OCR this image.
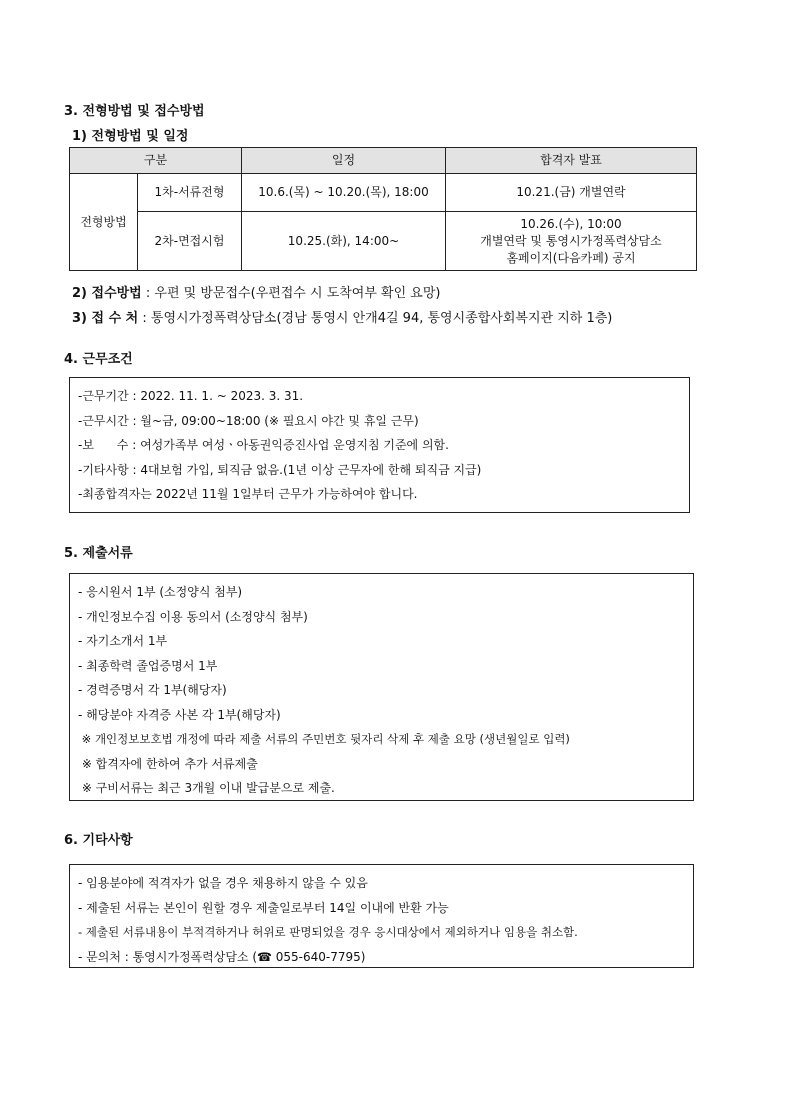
3. 전형방법 및 접수방법
1) 전형방법 및 일정
구분		일정	합격자 발표
전형방법	1차-서류전형	10.6.(목) ~ 10.20.(목), 18:00	10.21.(금) 개별연락

	2차-면접시험	10.25.(화), 14:00~	10.26.(수), 10:00
개별연락 및 통영시가정폭력상담소
홈페이지(다음카페) 공지
2) 접수방법 : 우편 및 방문접수(우편접수 시 도착여부 확인 요망)
3) 접 수 처 : 통영시가정폭력상담소(경남 통영시 안개4길 94, 통영시종합사회복지관 지하 1층)
4. 근무조건
-근무기간 : 2022. 11. 1. ~ 2023. 3. 31.
-근무시간 : 월~금, 09:00~18:00 (※ 필요시 야간 및 휴일 근무)
-보      수 : 여성가족부 여성ㆍ아동권익증진사업 운영지침 기준에 의함.
-기타사항 : 4대보험 가입, 퇴직금 없음.(1년 이상 근무자에 한해 퇴직금 지급)
-최종합격자는 2022년 11월 1일부터 근무가 가능하여야 합니다.
5. 제출서류
- 응시원서 1부 (소정양식 첨부)
- 개인정보수집 이용 동의서 (소정양식 첨부)
- 자기소개서 1부
- 최종학력 졸업증명서 1부
- 경력증명서 각 1부(해당자)
- 해당분야 자격증 사본 각 1부(해당자)
※ 개인정보보호법 개정에 따라 제출 서류의 주민번호 뒷자리 삭제 후 제출 요망 (생년월일로 입력)
※ 합격자에 한하여 추가 서류제출
※ 구비서류는 최근 3개월 이내 발급분으로 제출.
6. 기타사항
- 임용분야에 적격자가 없을 경우 채용하지 않을 수 있음
- 제출된 서류는 본인이 원할 경우 제출일로부터 14일 이내에 반환 가능
- 제출된 서류내용이 부적격하거나 허위로 판명되었을 경우 응시대상에서 제외하거나 임용을 취소함.
- 문의처 : 통영시가정폭력상담소 (☎ 055-640-7795)
